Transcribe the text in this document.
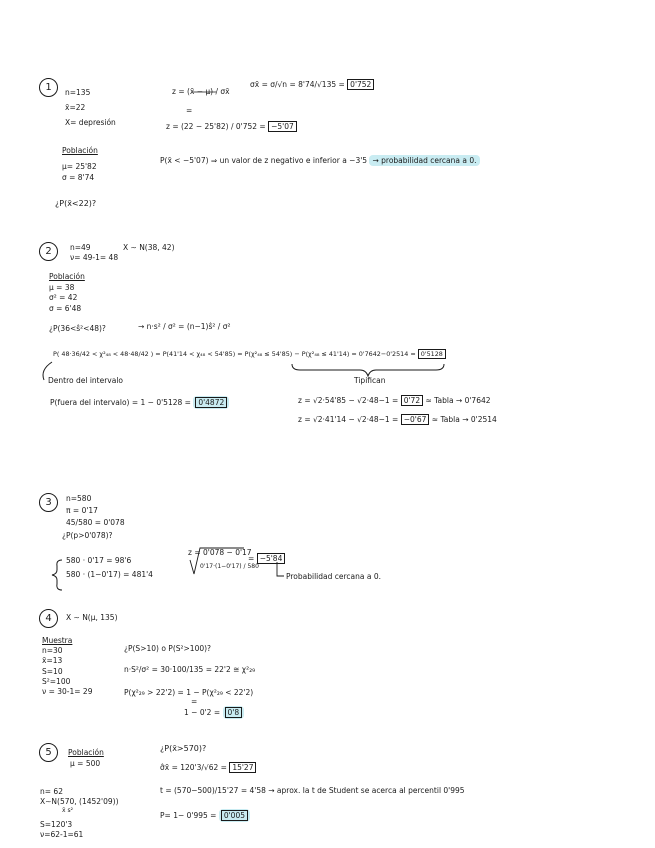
1	n=135
x̄=22
X= depresión
Población
μ= 25'82
σ = 8'74
¿P(x̄<22)?
z = (x̄ − μ) / σx̄
=
z = (22 − 25'82) / 0'752 = −5'07
σx̄ = σ/√n = 8'74/√135 = 0'752
P(x̄ < −5'07) ⇒ un valor de z negativo e inferior a −3'5 → probabilidad cercana a 0.
2	n=49
ν= 49-1= 48
X ∼ N(38, 42)
Población
μ = 38
σ² = 42
σ = 6'48
¿P(36<ŝ²<48)?	→ n·s² / σ² = (n−1)ŝ² / σ²
P( 48·36/42 < χ²₄₈ < 48·48/42 ) = P(41'14 < χ₄₈ < 54'85) = P(χ²₄₈ ≤ 54'85) − P(χ²₄₈ ≤ 41'14) = 0'7642−0'2514 = 0'5128
Dentro del intervalo	Tipifican
P(fuera del intervalo) = 1 − 0'5128 = 0'4872	z = √2·54'85 − √2·48−1 = 0'72 ≈ Tabla → 0'7642
z = √2·41'14 − √2·48−1 = −0'67 ≈ Tabla → 0'2514
3	n=580
π = 0'17
45/580 = 0'078
¿P(p>0'078)?
580 · 0'17 = 98'6
580 · (1−0'17) = 481'4
z = 0'078 − 0'17
0'17·(1−0'17) / 580
= −5'84
Probabilidad cercana a 0.
4	X ∼ N(μ, 135)
Muestra
n=30
x̄=13
S=10
S²=100
ν = 30-1= 29
¿P(S>10) o P(S²>100)?
n·S²/σ² = 30·100/135 = 22'2 ≅ χ²₂₉
P(χ²₂₉ > 22'2) = 1 − P(χ²₂₉ < 22'2)
=
1 − 0'2 = 0'8
5	Población
μ = 500
¿P(x̄>570)?
σ̂x̄ = 120'3/√62 = 15'27
t = (570−500)/15'27 = 4'58 → aprox. la t de Student se acerca al percentil 0'995
P= 1− 0'995 = 0'005
n= 62
X∼N(570, (1452'09))
x̄ s²
S=120'3
ν=62-1=61
